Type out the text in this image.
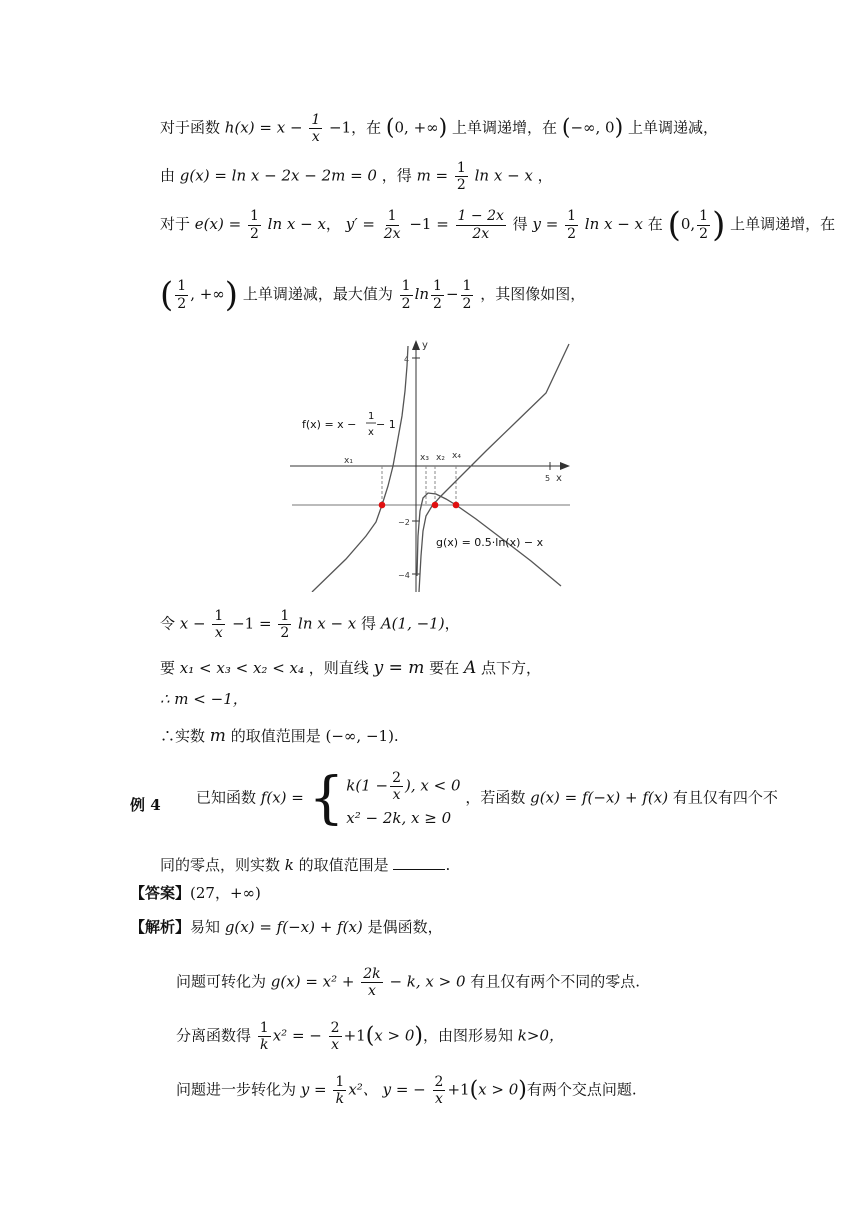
对于函数 $h(x) = x - \frac{1}{x} -1$，在 (0, +∞) 上单调递增，在 (−∞, 0) 上单调递减，
由 g(x) = ln x − 2x − 2m = 0 ，得 $m = \frac{1}{2}$ ln x − x ，
对于 $e(x) = \frac{1}{2}$ ln x − x， $y' = \frac{1}{2x} -1 = \frac{1 - 2x}{2x}$ 得 $y = \frac{1}{2}$ ln x − x 在 (0, $\frac{1}{2}$ ) 上单调递增，在
( $\frac{1}{2}$ , +∞) 上单调递减，最大值为 $\frac{1}{2}$ $\ln \frac{1}{2} - \frac{1}{2}$ ，其图像如图，
4
−2
−4
5
y
x
x₁	x₃ x₂ x₄
f(x) = x −
1
x
− 1
g(x) = 0.5·ln(x) − x
令 $x - \frac{1}{x} -1 = \frac{1}{2}$ ln x − x 得 A(1, −1)，
要 x₁ < x₃ < x₂ < x₄ ，则直线 y = m 要在 A 点下方，
∴ m < −1，
∴实数 m 的取值范围是 (−∞, −1).
例 4 已知函数 f(x) = { $k(1 - \frac{2}{x}$ ), x < 0
x² − 2k, x ≥ 0
，若函数 g(x) = f(−x) + f(x) 有且仅有四个不
同的零点，则实数 k 的取值范围是	.
【答案】(27，+∞)
【解析】易知 g(x) = f(−x) + f(x) 是偶函数，
问题可转化为 $g(x) = x^2 + \frac{2k}{x} - k$, x > 0 有且仅有两个不同的零点.
分离函数得 $\frac{1}{k} x^2$ = − $\frac{2}{x} +1(x > 0)$，由图形易知 k>0，
问题进一步转化为 $y = \frac{1}{k} x^2$、 y = − $\frac{2}{x} +1(x > 0)$有两个交点问题.
